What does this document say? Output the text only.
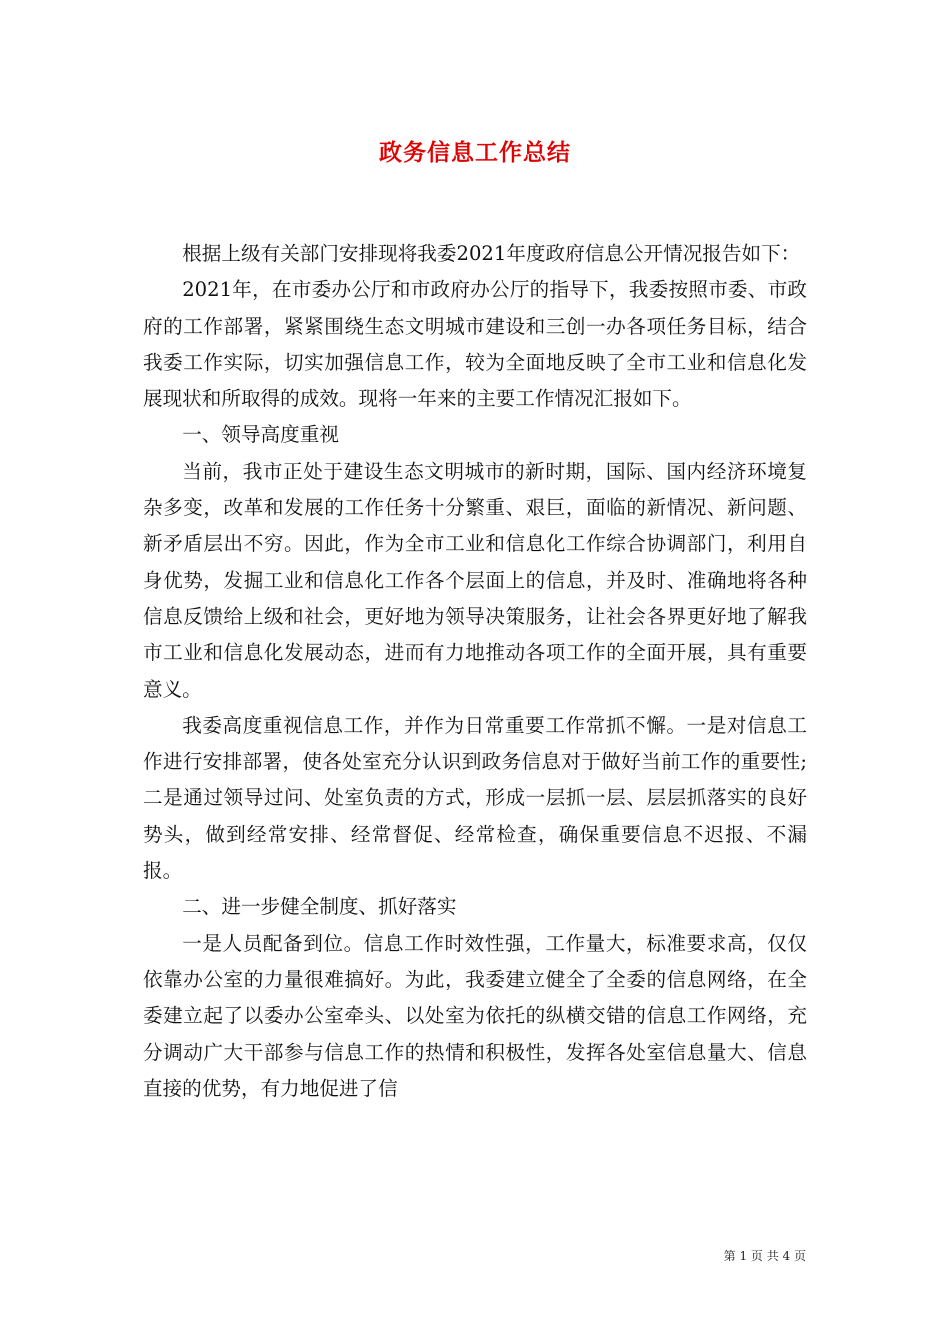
政务信息工作总结

根据上级有关部门安排现将我委2021年度政府信息公开情况报告如下：

2021年，在市委办公厅和市政府办公厅的指导下，我委按照市委、市政府的工作部署，紧紧围绕生态文明城市建设和三创一办各项任务目标，结合我委工作实际，切实加强信息工作，较为全面地反映了全市工业和信息化发展现状和所取得的成效。现将一年来的主要工作情况汇报如下。

一、领导高度重视

当前，我市正处于建设生态文明城市的新时期，国际、国内经济环境复杂多变，改革和发展的工作任务十分繁重、艰巨，面临的新情况、新问题、新矛盾层出不穷。因此，作为全市工业和信息化工作综合协调部门，利用自身优势，发掘工业和信息化工作各个层面上的信息，并及时、准确地将各种信息反馈给上级和社会，更好地为领导决策服务，让社会各界更好地了解我市工业和信息化发展动态，进而有力地推动各项工作的全面开展，具有重要意义。

我委高度重视信息工作，并作为日常重要工作常抓不懈。一是对信息工作进行安排部署，使各处室充分认识到政务信息对于做好当前工作的重要性;二是通过领导过问、处室负责的方式，形成一层抓一层、层层抓落实的良好势头，做到经常安排、经常督促、经常检查，确保重要信息不迟报、不漏报。

二、进一步健全制度、抓好落实

一是人员配备到位。信息工作时效性强，工作量大，标准要求高，仅仅依靠办公室的力量很难搞好。为此，我委建立健全了全委的信息网络，在全委建立起了以委办公室牵头、以处室为依托的纵横交错的信息工作网络，充分调动广大干部参与信息工作的热情和积极性，发挥各处室信息量大、信息直接的优势，有力地促进了信

第 1 页 共 4 页
